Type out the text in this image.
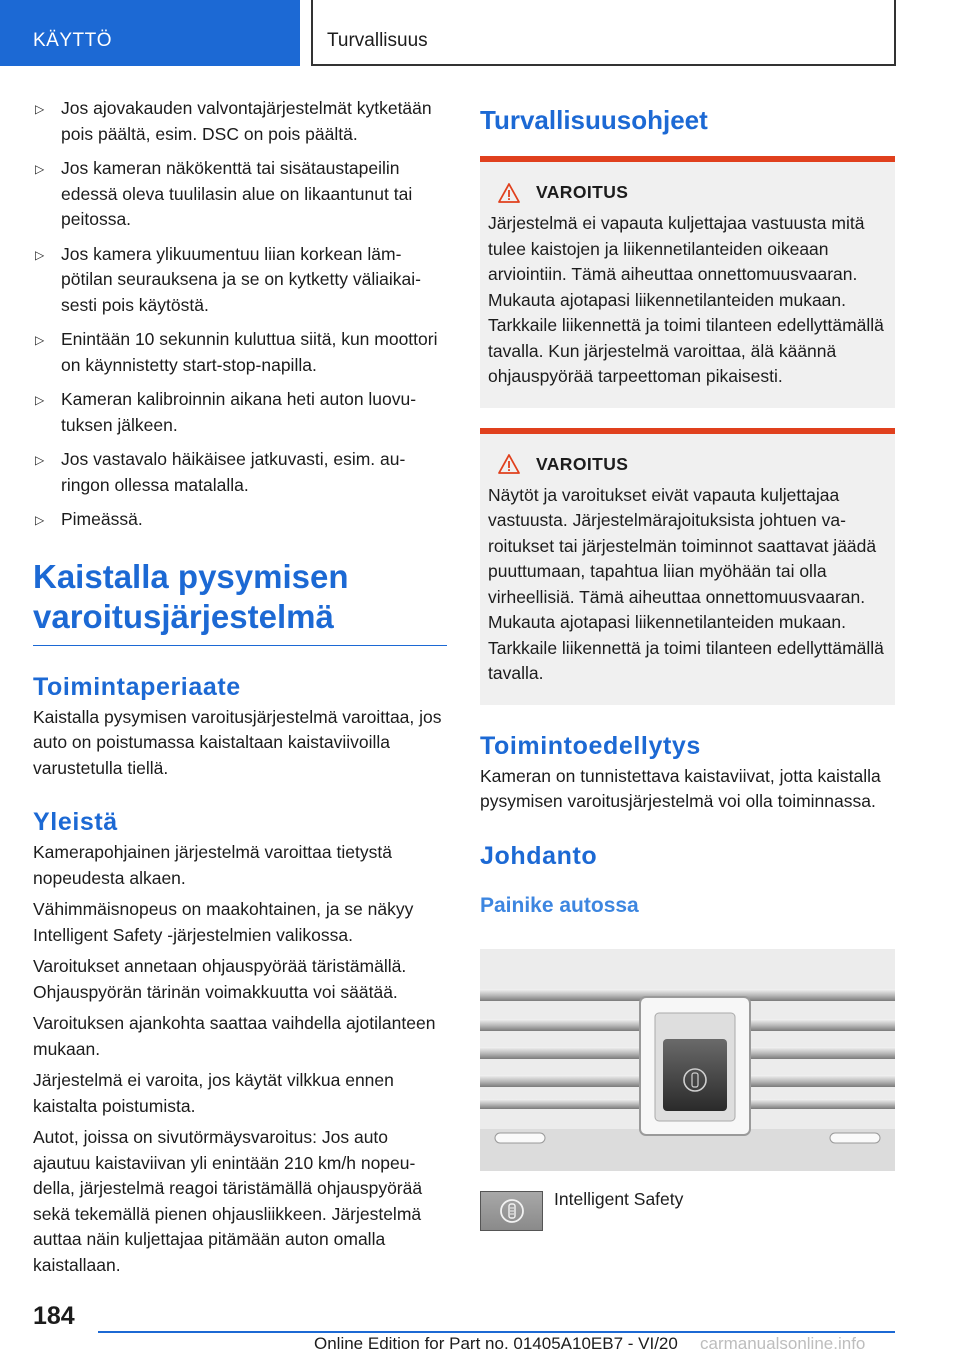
KÄYTTÖ	Turvallisuus
▷ Jos ajovakauden valvontajärjestelmät kytketään pois päältä, esim. DSC on pois päältä.
▷ Jos kameran näkökenttä tai sisätaustapeilin edessä oleva tuulilasin alue on likaantunut tai peitossa.
▷ Jos kamera ylikuumentuu liian korkean lämpötilan seurauksena ja se on kytketty väliaikaisesti pois käytöstä.
▷ Enintään 10 sekunnin kuluttua siitä, kun moottori on käynnistetty start-stop-napilla.
▷ Kameran kalibroinnin aikana heti auton luovutuksen jälkeen.
▷ Jos vastavalo häikäisee jatkuvasti, esim. auringon ollessa matalalla.
▷ Pimeässä.
Kaistalla pysymisen varoitusjärjestelmä
Toimintaperiaate

Kaistalla pysymisen varoitusjärjestelmä varoittaa, jos auto on poistumassa kaistaltaan kaistaviivoilla varustetulla tiellä.

Yleistä

Kamerapohjainen järjestelmä varoittaa tietystä nopeudesta alkaen.

Vähimmäisnopeus on maakohtainen, ja se näkyy Intelligent Safety -järjestelmien valikossa.

Varoitukset annetaan ohjauspyörää täristämällä. Ohjauspyörän tärinän voimakkuutta voi säätää.

Varoituksen ajankohta saattaa vaihdella ajotilanteen mukaan.

Järjestelmä ei varoita, jos käytät vilkkua ennen kaistalta poistumista.

Autot, joissa on sivutörmäysvaroitus: Jos auto ajautuu kaistaviivan yli enintään 210 km/h nopeudella, järjestelmä reagoi täristämällä ohjauspyörää sekä tekemällä pienen ohjausliikkeen. Järjestelmä auttaa näin kuljettajaa pitämään auton omalla kaistallaan.

Turvallisuusohjeet
VAROITUS

Järjestelmä ei vapauta kuljettajaa vastuusta mitä tulee kaistojen ja liikennetilanteiden oikeaan arviointiin. Tämä aiheuttaa onnettomuusvaaran. Mukauta ajotapasi liikennetilanteiden mukaan. Tarkkaile liikennettä ja toimi tilanteen edellyttämällä tavalla. Kun järjestelmä varoittaa, älä käännä ohjauspyörää tarpeettoman pikaisesti.

VAROITUS

Näytöt ja varoitukset eivät vapauta kuljettajaa vastuusta. Järjestelmärajoituksista johtuen varoitukset tai järjestelmän toiminnot saattavat jäädä puuttumaan, tapahtua liian myöhään tai olla virheellisiä. Tämä aiheuttaa onnettomuusvaaran. Mukauta ajotapasi liikennetilanteiden mukaan. Tarkkaile liikennettä ja toimi tilanteen edellyttämällä tavalla.

Toimintoedellytys

Kameran on tunnistettava kaistaviivat, jotta kaistalla pysymisen varoitusjärjestelmä voi olla toiminnassa.

Johdanto
Painike autossa
Intelligent Safety
184
Online Edition for Part no. 01405A10EB7 - VI/20 carmanualsonline.info
